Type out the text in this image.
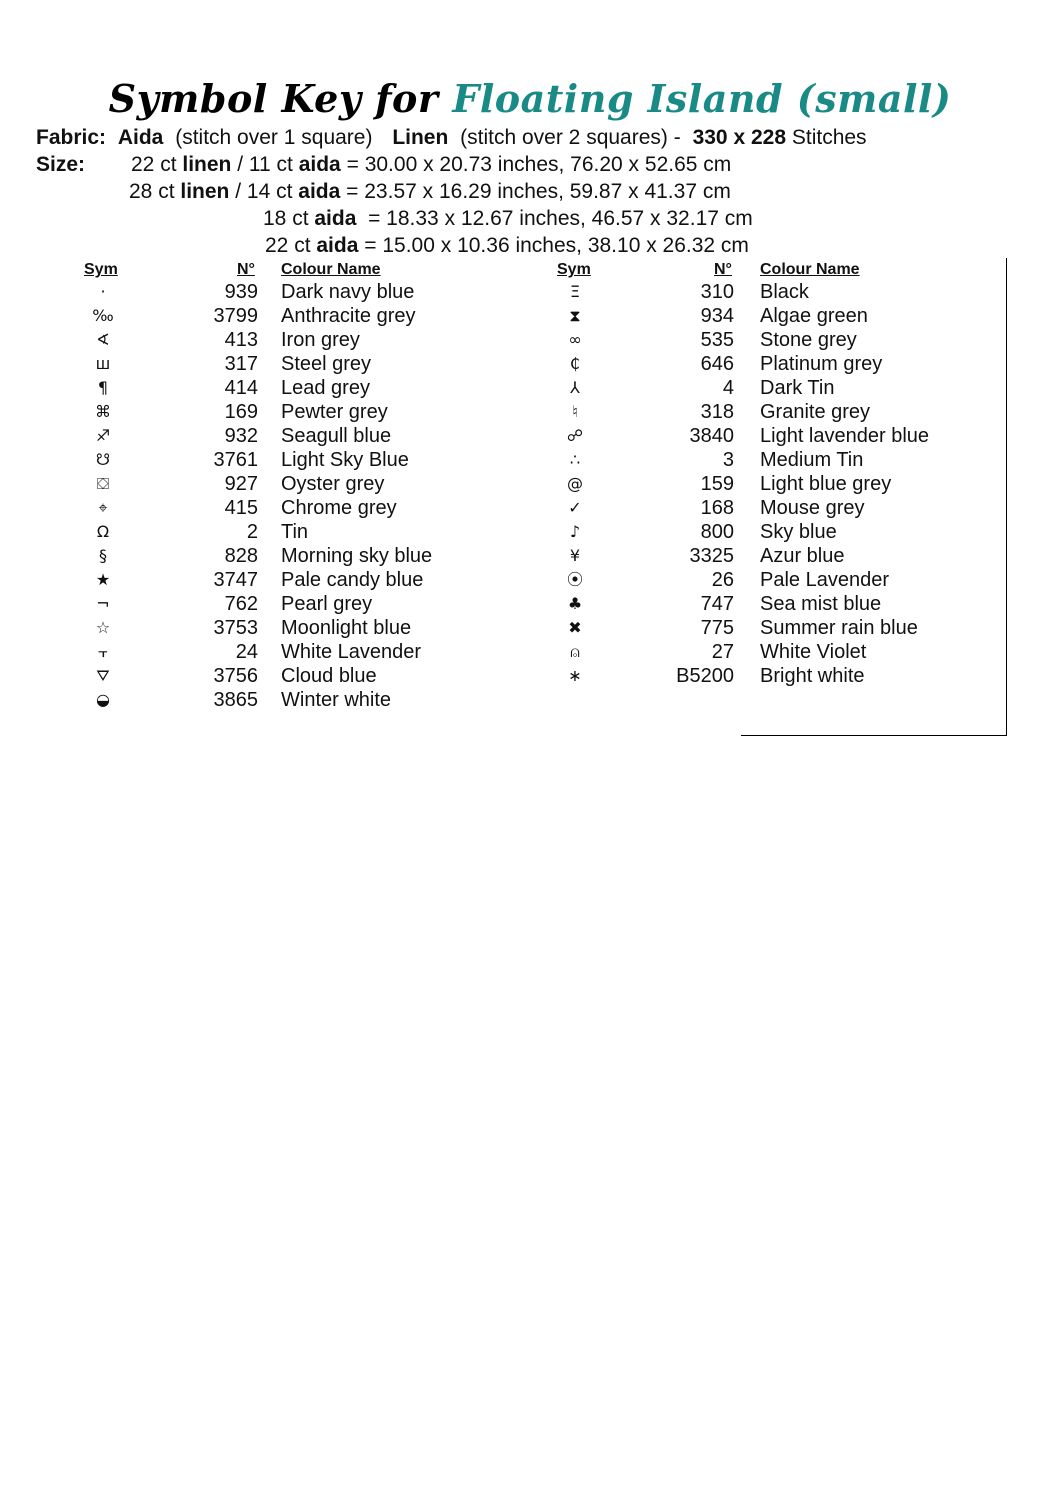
Symbol Key for Floating Island (small)
Fabric: Aida (stitch over 1 square) Linen (stitch over 2 squares) - 330 x 228 Stitches
Size: 22 ct linen / 11 ct aida = 30.00 x 20.73 inches, 76.20 x 52.65 cm
28 ct linen / 14 ct aida = 23.57 x 16.29 inches, 59.87 x 41.37 cm
18 ct aida  = 18.33 x 12.67 inches, 46.57 x 32.17 cm
22 ct aida = 15.00 x 10.36 inches, 38.10 x 26.32 cm
Sym	N° Colour Name	Sym	N° Colour Name
·	939 Dark navy blue
‰	3799 Anthracite grey
∢	413 Iron grey
ш	317 Steel grey
¶	414 Lead grey
⌘	169 Pewter grey
♐	932 Seagull blue
☋	3761 Light Sky Blue
⛋	927 Oyster grey
⌖	415 Chrome grey
Ω	2 Tin
§	828 Morning sky blue
★	3747 Pale candy blue
¬	762 Pearl grey
☆	3753 Moonlight blue
⫟	24 White Lavender
⛛	3756 Cloud blue
◒	3865 Winter white
Ξ	310 Black
⧗	934 Algae green
∞	535 Stone grey
₵	646 Platinum grey
⅄	4 Dark Tin
♮	318 Granite grey
☍	3840 Light lavender blue
∴	3 Medium Tin
@	159 Light blue grey
✓	168 Mouse grey
♪	800 Sky blue
¥	3325 Azur blue
⦿	26 Pale Lavender
♣	747 Sea mist blue
✖	775 Summer rain blue
⍝	27 White Violet
∗	B5200 Bright white
